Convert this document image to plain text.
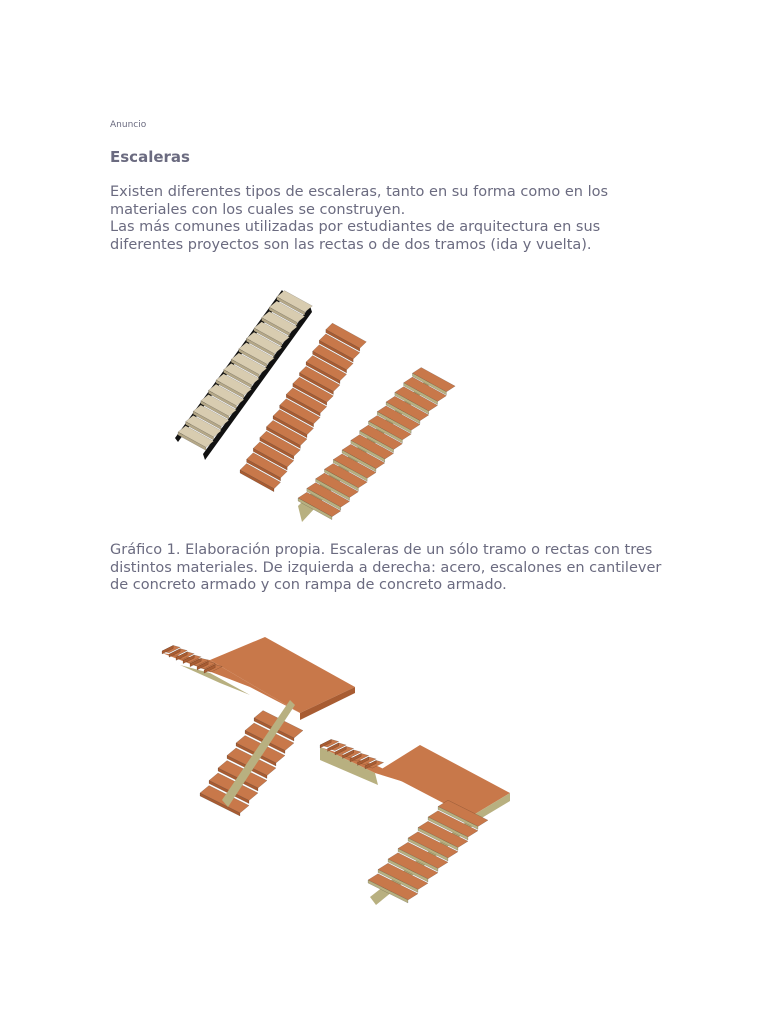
Anuncio
Escaleras

Existen diferentes tipos de escaleras, tanto en su forma como en los materiales con los cuales se construyen.

Las más comunes utilizadas por estudiantes de arquitectura en sus diferentes proyectos son las rectas o de dos tramos (ida y vuelta).

Gráfico 1. Elaboración propia. Escaleras de un sólo tramo o rectas con tres distintos materiales. De izquierda a derecha: acero, escalones en cantilever de concreto armado y con rampa de concreto armado.
